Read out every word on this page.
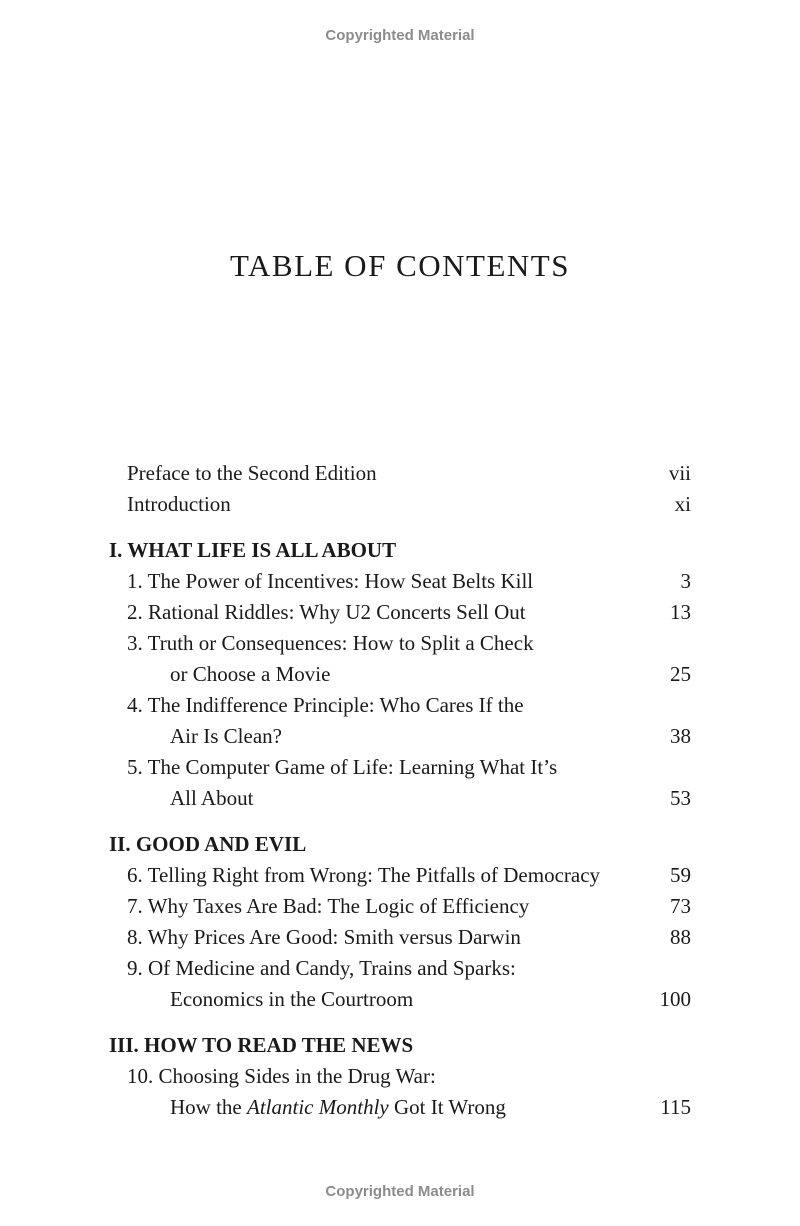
Copyrighted Material
TABLE OF CONTENTS
Preface to the Second Edition	vii
Introduction	xi
I. WHAT LIFE IS ALL ABOUT
1. The Power of Incentives: How Seat Belts Kill	3
2. Rational Riddles: Why U2 Concerts Sell Out	13
3. Truth or Consequences: How to Split a Check
or Choose a Movie	25
4. The Indifference Principle: Who Cares If the
Air Is Clean?	38
5. The Computer Game of Life: Learning What It’s
All About	53
II. GOOD AND EVIL
6. Telling Right from Wrong: The Pitfalls of Democracy	59
7. Why Taxes Are Bad: The Logic of Efficiency	73
8. Why Prices Are Good: Smith versus Darwin	88
9. Of Medicine and Candy, Trains and Sparks:
Economics in the Courtroom	100
III. HOW TO READ THE NEWS
10. Choosing Sides in the Drug War:
How the Atlantic Monthly Got It Wrong	115
Copyrighted Material
